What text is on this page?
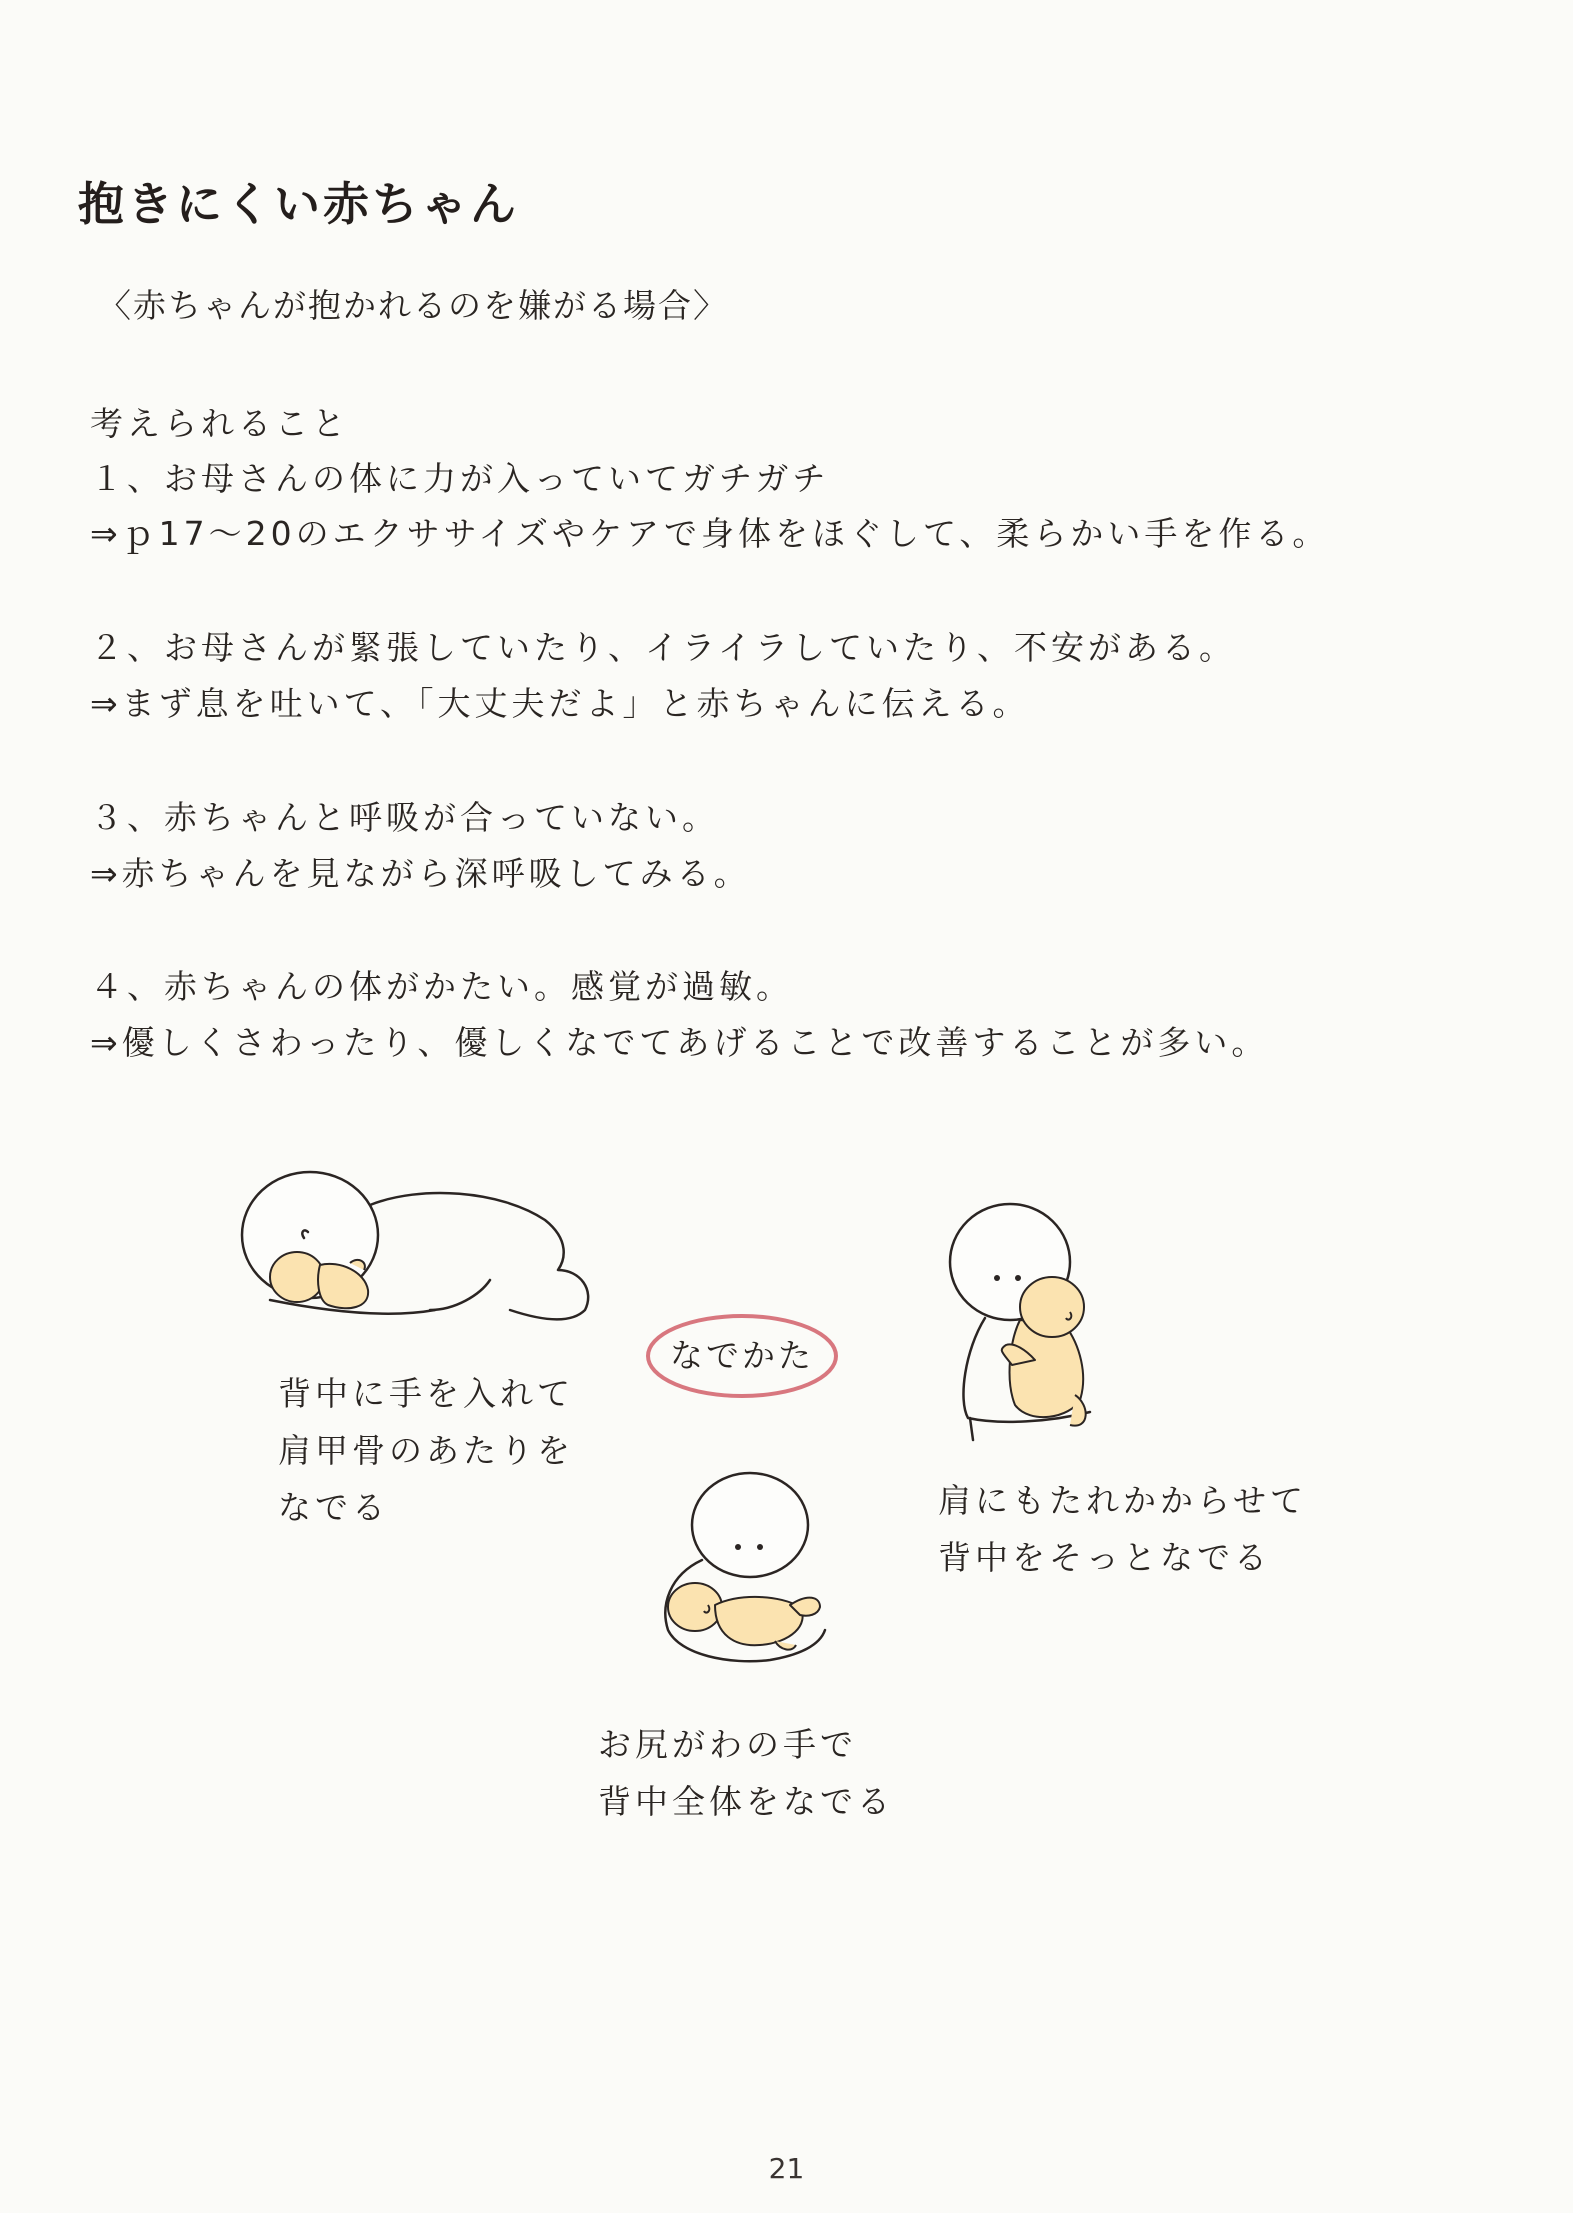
抱きにくい赤ちゃん
〈赤ちゃんが抱かれるのを嫌がる場合〉
考えられること
１、お母さんの体に力が入っていてガチガチ
⇒ｐ17～20のエクササイズやケアで身体をほぐして、柔らかい手を作る。
２、お母さんが緊張していたり、イライラしていたり、不安がある。
⇒まず息を吐いて、「大丈夫だよ」と赤ちゃんに伝える。
３、赤ちゃんと呼吸が合っていない。
⇒赤ちゃんを見ながら深呼吸してみる。
４、赤ちゃんの体がかたい。感覚が過敏。
⇒優しくさわったり、優しくなでてあげることで改善することが多い。
なでかた
背中に手を入れて
肩甲骨のあたりを
なでる	肩にもたれかからせて
背中をそっとなでる
お尻がわの手で
背中全体をなでる
21
